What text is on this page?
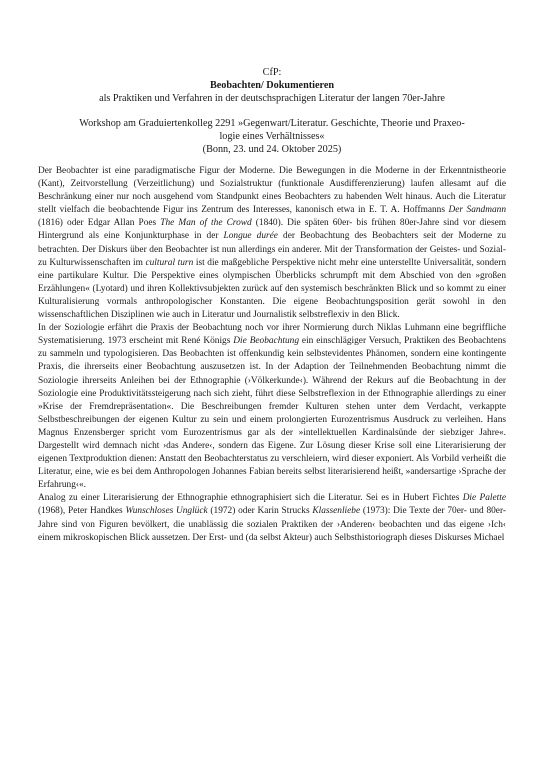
CfP:
Beobachten/ Dokumentieren
als Praktiken und Verfahren in der deutschsprachigen Literatur der langen 70er-Jahre
Workshop am Graduiertenkolleg 2291 »Gegenwart/Literatur. Geschichte, Theorie und Praxeo-
logie eines Verhältnisses«
(Bonn, 23. und 24. Oktober 2025)

Der Beobachter ist eine paradigmatische Figur der Moderne. Die Bewegungen in die Moderne in der Erkenntnistheorie (Kant), Zeitvorstellung (Verzeitlichung) und Sozialstruktur (funktionale Ausdifferenzierung) laufen allesamt auf die Beschränkung einer nur noch ausgehend vom Standpunkt eines Beobachters zu habenden Welt hinaus. Auch die Literatur stellt vielfach die beobachtende Figur ins Zentrum des Interesses, kanonisch etwa in E. T. A. Hoffmanns Der Sandmann (1816) oder Edgar Allan Poes The Man of the Crowd (1840). Die späten 60er- bis frühen 80er-Jahre sind vor diesem Hintergrund als eine Konjunkturphase in der Longue durée der Beobachtung des Beobachters seit der Moderne zu betrachten. Der Diskurs über den Beobachter ist nun allerdings ein anderer. Mit der Transformation der Geistes- und Sozial- zu Kulturwissenschaften im cultural turn ist die maßgebliche Perspektive nicht mehr eine unterstellte Universalität, sondern eine partikulare Kultur. Die Perspektive eines olympischen Überblicks schrumpft mit dem Abschied von den »großen Erzählungen« (Lyotard) und ihren Kollektivsubjekten zurück auf den systemisch beschränkten Blick und so kommt zu einer Kulturalisierung vormals anthropologischer Konstanten. Die eigene Beobachtungsposition gerät sowohl in den wissenschaftlichen Disziplinen wie auch in Literatur und Journalistik selbstreflexiv in den Blick.

In der Soziologie erfährt die Praxis der Beobachtung noch vor ihrer Normierung durch Niklas Luhmann eine begriffliche Systematisierung. 1973 erscheint mit René Königs Die Beobachtung ein einschlägiger Versuch, Praktiken des Beobachtens zu sammeln und typologisieren. Das Beobachten ist offenkundig kein selbstevidentes Phänomen, sondern eine kontingente Praxis, die ihrerseits einer Beobachtung auszusetzen ist. In der Adaption der Teilnehmenden Beobachtung nimmt die Soziologie ihrerseits Anleihen bei der Ethnographie (›Völkerkunde‹). Während der Rekurs auf die Beobachtung in der Soziologie eine Produktivitätssteigerung nach sich zieht, führt diese Selbstreflexion in der Ethnographie allerdings zu einer »Krise der Fremdrepräsentation«. Die Beschreibungen fremder Kulturen stehen unter dem Verdacht, verkappte Selbstbeschreibungen der eigenen Kultur zu sein und einem prolongierten Eurozentrismus Ausdruck zu verleihen. Hans Magnus Enzensberger spricht vom Eurozentrismus gar als der »intellektuellen Kardinalsünde der siebziger Jahre«. Dargestellt wird demnach nicht ›das Andere‹, sondern das Eigene. Zur Lösung dieser Krise soll eine Literarisierung der eigenen Textproduktion dienen: Anstatt den Beobachterstatus zu verschleiern, wird dieser exponiert. Als Vorbild verheißt die Literatur, eine, wie es bei dem Anthropologen Johannes Fabian bereits selbst literarisierend heißt, »andersartige ›Sprache der Erfahrung‹«.

Analog zu einer Literarisierung der Ethnographie ethnographisiert sich die Literatur. Sei es in Hubert Fichtes Die Palette (1968), Peter Handkes Wunschloses Unglück (1972) oder Karin Strucks Klassenliebe (1973): Die Texte der 70er- und 80er-Jahre sind von Figuren bevölkert, die unablässig die sozialen Praktiken der ›Anderen‹ beobachten und das eigene ›Ich‹ einem mikroskopischen Blick aussetzen. Der Erst- und (da selbst Akteur) auch Selbsthistoriograph dieses Diskurses Michael
